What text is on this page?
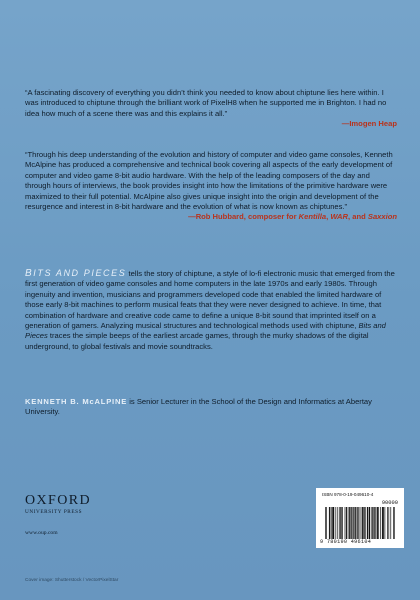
“A fascinating discovery of everything you didn’t think you needed to know about chiptune lies here within. I was introduced to chiptune through the brilliant work of PixelH8 when he supported me in Brighton. I had no idea how much of a scene there was and this explains it all.”
—Imogen Heap
“Through his deep understanding of the evolution and history of computer and video game consoles, Kenneth McAlpine has produced a comprehensive and technical book covering all aspects of the early development of computer and video game 8-bit audio hardware. With the help of the leading composers of the day and through hours of interviews, the book provides insight into how the limitations of the primitive hardware were maximized to their full potential. McAlpine also gives unique insight into the origin and development of the resurgence and interest in 8-bit hardware and the evolution of what is now known as chiptunes.”
—Rob Hubbard, composer for Kentilla, WAR, and Saxxion
BITS AND PIECES tells the story of chiptune, a style of lo-fi electronic music that emerged from the first generation of video game consoles and home computers in the late 1970s and early 1980s. Through ingenuity and invention, musicians and programmers developed code that enabled the limited hardware of those early 8-bit machines to perform musical feats that they were never designed to achieve. In time, that combination of hardware and creative code came to define a unique 8-bit sound that imprinted itself on a generation of gamers. Analyzing musical structures and technological methods used with chiptune, Bits and Pieces traces the simple beeps of the earliest arcade games, through the murky shadows of the digital underground, to global festivals and movie soundtracks.
KENNETH B. McALPINE is Senior Lecturer in the School of the Design and Informatics at Abertay University.
OXFORD
UNIVERSITY PRESS
www.oup.com
ISBN 978-0-19-049610-4
90000
9 780190 496104
Cover image: Shutterstock / VectorPixelStar
